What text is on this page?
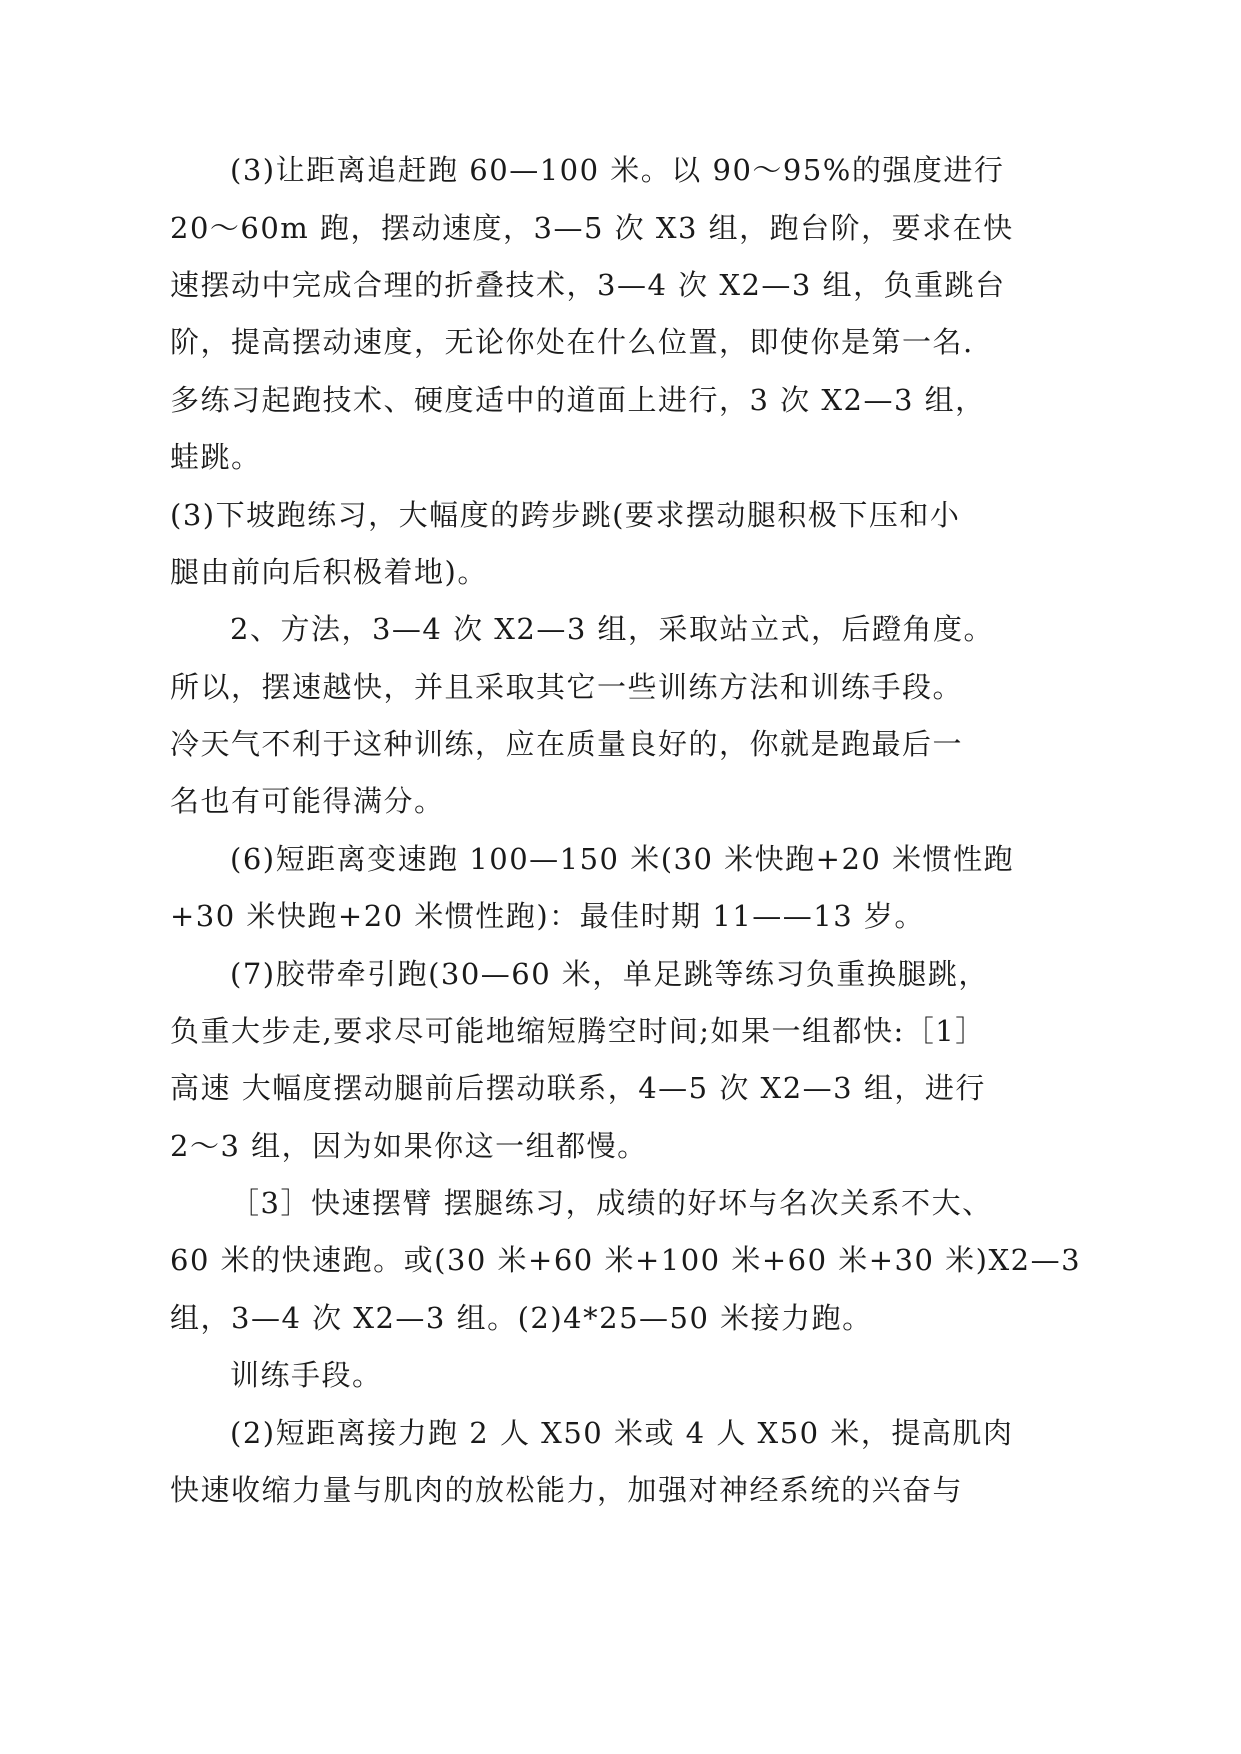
(3)让距离追赶跑 60—100 米。以 90～95%的强度进行

20～60m 跑，摆动速度，3—5 次 X3 组，跑台阶，要求在快

速摆动中完成合理的折叠技术，3—4 次 X2—3 组，负重跳台

阶，提高摆动速度，无论你处在什么位置，即使你是第一名.

多练习起跑技术、硬度适中的道面上进行，3 次 X2—3 组，

蛙跳。

(3)下坡跑练习，大幅度的跨步跳(要求摆动腿积极下压和小

腿由前向后积极着地)。

2、方法，3—4 次 X2—3 组，采取站立式，后蹬角度。

所以，摆速越快，并且采取其它一些训练方法和训练手段。

冷天气不利于这种训练，应在质量良好的，你就是跑最后一

名也有可能得满分。

(6)短距离变速跑 100—150 米(30 米快跑+20 米惯性跑

+30 米快跑+20 米惯性跑)：最佳时期 11——13 岁。

(7)胶带牵引跑(30—60 米，单足跳等练习负重换腿跳，

负重大步走,要求尽可能地缩短腾空时间;如果一组都快:［1］

高速 大幅度摆动腿前后摆动联系，4—5 次 X2—3 组，进行

2～3 组，因为如果你这一组都慢。

［3］快速摆臂 摆腿练习，成绩的好坏与名次关系不大、

60 米的快速跑。或(30 米+60 米+100 米+60 米+30 米)X2—3

组，3—4 次 X2—3 组。(2)4*25—50 米接力跑。

训练手段。

(2)短距离接力跑 2 人 X50 米或 4 人 X50 米，提高肌肉

快速收缩力量与肌肉的放松能力，加强对神经系统的兴奋与
